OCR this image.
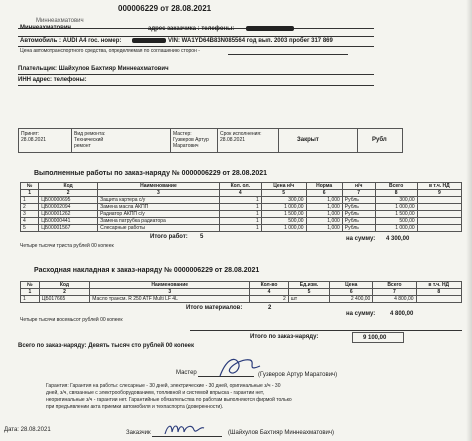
000006229 от 28.08.2021
Миннеахматович
Миннеахматович	адрес заказчика : телефоны:
Автомобиль : AUDI A4 гос. номер:	VIN: WA1YD64B83N085564 год вып. 2003 пробег 317 869
Цена автомотранспортного средства, определяемая по соглашению сторон -
Плательщик: Шайхулов Бахтияр Миннеахматович
ИНН адрес: телефоны:
Принят:
28.08.2021
Вид ремонта:
Технический
ремонт
Мастер:
Гузверов Артур
Маратович
Срок исполнения:
28.08.2021	Закрыт	Рубл
Выполненные работы по заказ-наряду № 0000006229 от 28.08.2021
№	Код	Наименование	Кол. ол.	Цена н/ч	Норма	н/ч	Всего	в т.ч. НД
1	2	3	4	5	6	7	8	9
1	ЦБ00000695	Защита картера с/у	1	300,00	1,000	Рубль	300,00	
2	ЦБ00002094	Замена масла АКПП	1	1 000,00	1,000	Рубль	1 000,00	
3	ЦБ00001262	Радиатор АКПП с/у	1	1 500,00	1,000	Рубль	1 500,00	
4	ЦБ00000441	Замена патрубка радиатора	1	500,00	1,000	Рубль	500,00	
5	ЦБ00001567	Слесарные работы	1	1 000,00	1,000	Рубль	1 000,00	
Итого работ: 5	на сумму: 4 300,00
Четыре тысячи триста рублей 00 копеек
Расходная накладная к заказ-наряду № 0000006229 от 28.08.2021
№	Код	Наименование	Кол-во	Ед.изм.	Цена	Всего	в т.ч. НД
1	2	3	4	5	6	7	8
1	ЦБ017665	Масло трансм. R 250 ATF Multi LF 4L	2	шт	2 400,00	4 800,00	
Итого материалов:	2
на сумму: 4 800,00
Четыре тысячи восемьсот рублей 00 копеек
Итого по заказ-наряду:	9 100,00
Всего по заказ-наряду: Девять тысяч сто рублей 00 копеек
Мастер	(Гузверов Артур Маратович)
Гарантия: Гарантия на работы: слесарные - 30 дней, электрические - 30 дней, оригинальные з/ч - 30
дней, з/ч, связанные с электрооборудованием, топливной и системой впрыска - гарантии нет,
неоригинальные з/ч - гарантии нет. Гарантийные обязательства по работам выполняются фирмой только
при предъявлении акта приемки автомобиля и техпаспорта (доверенности).
Дата: 28.08.2021	Заказчик	(Шайхулов Бахтияр Миннеахматович)
